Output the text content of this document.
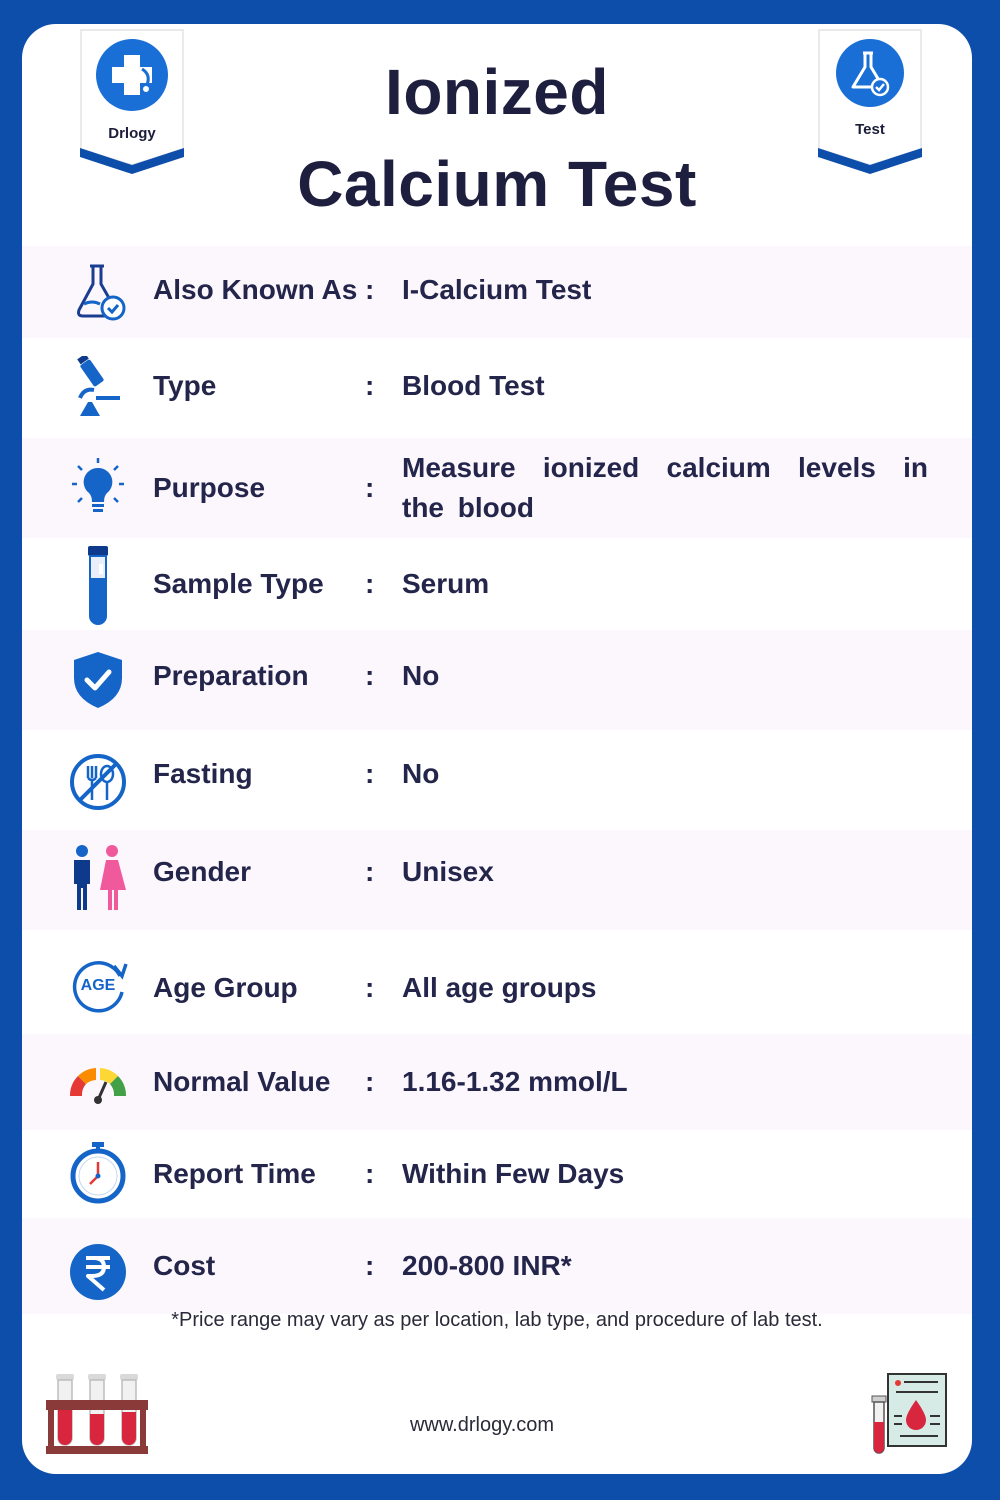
Drlogy	Test
Ionized
Calcium Test
Also Known As : I-Calcium Test
Type	: Blood Test
Purpose	:
Measure ionized calcium levels in the blood
Sample Type : Serum
Preparation : No
Fasting	: No
Gender	: Unisex
AGE Age Group : All age groups
Normal Value : 1.16-1.32 mmol/L
Report Time : Within Few Days
Cost	: 200-800 INR*
*Price range may vary as per location, lab type, and procedure of lab test.
www.drlogy.com
